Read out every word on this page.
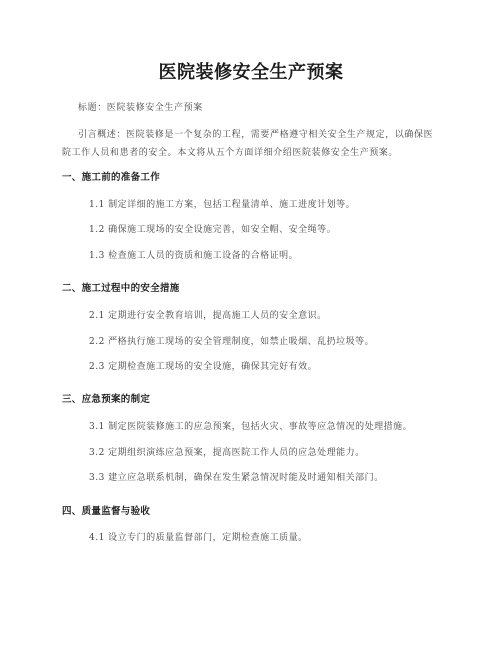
医院装修安全生产预案
标题：医院装修安全生产预案
引言概述：医院装修是一个复杂的工程，需要严格遵守相关安全生产规定，以确保医院工作人员和患者的安全。本文将从五个方面详细介绍医院装修安全生产预案。
一、施工前的准备工作
1.1 制定详细的施工方案，包括工程量清单、施工进度计划等。
1.2 确保施工现场的安全设施完善，如安全帽、安全绳等。
1.3 检查施工人员的资质和施工设备的合格证明。
二、施工过程中的安全措施
2.1 定期进行安全教育培训，提高施工人员的安全意识。
2.2 严格执行施工现场的安全管理制度，如禁止吸烟、乱扔垃圾等。
2.3 定期检查施工现场的安全设施，确保其完好有效。
三、应急预案的制定
3.1 制定医院装修施工的应急预案，包括火灾、事故等应急情况的处理措施。
3.2 定期组织演练应急预案，提高医院工作人员的应急处理能力。
3.3 建立应急联系机制，确保在发生紧急情况时能及时通知相关部门。
四、质量监督与验收
4.1 设立专门的质量监督部门，定期检查施工质量。
